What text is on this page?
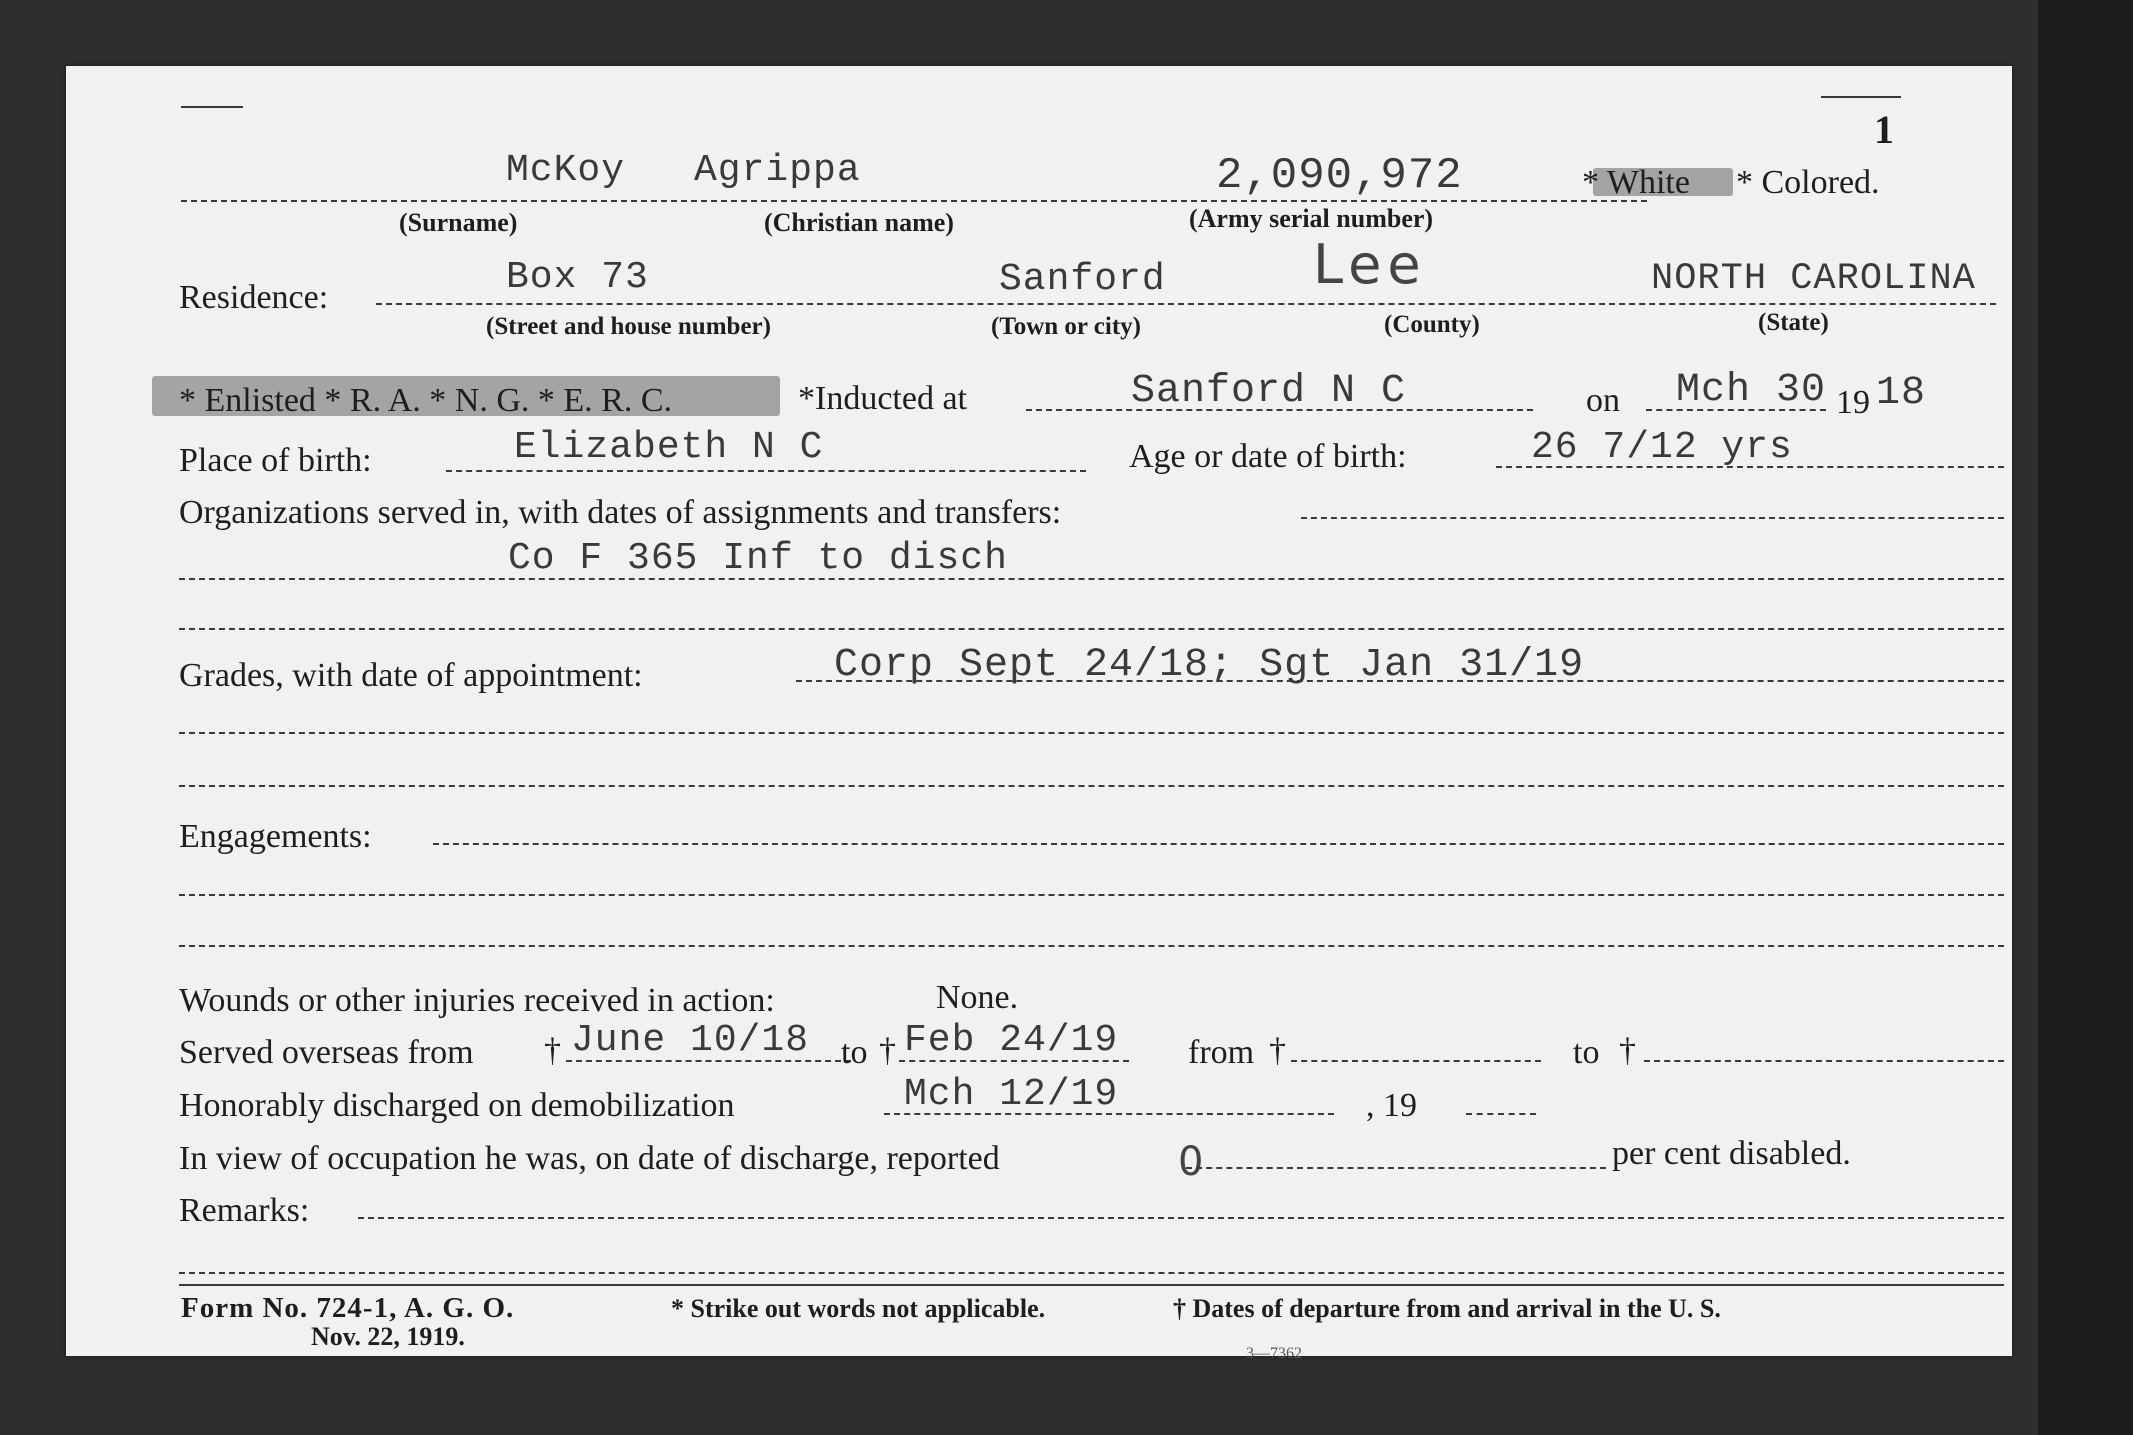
1
McKoy Agrippa	2,090,972	* White * Colored.
(Surname)	(Christian name)	(Army serial number)
Residence:	Box 73	Sanford	Lee	NORTH CAROLINA
(Street and house number)	(Town or city)	(County)	(State)
* Enlisted * R. A. * N. G. * E. R. C.	*Inducted at	Sanford N C	on Mch 30 19 18
Place of birth:	Elizabeth N C	Age or date of birth:	26 7/12 yrs
Organizations served in, with dates of assignments and transfers:
Co F 365 Inf to disch
Grades, with date of appointment:	Corp Sept 24/18; Sgt Jan 31/19
Engagements:
Wounds or other injuries received in action:	None.
Served overseas from † June 10/18 to † Feb 24/19 from †	to †
Honorably discharged on demobilization	Mch 12/19	, 19
In view of occupation he was, on date of discharge, reported	0	per cent disabled.
Remarks:
Form No. 724-1, A. G. O.
Nov. 22, 1919.
* Strike out words not applicable.	† Dates of departure from and arrival in the U. S.
3—7362
